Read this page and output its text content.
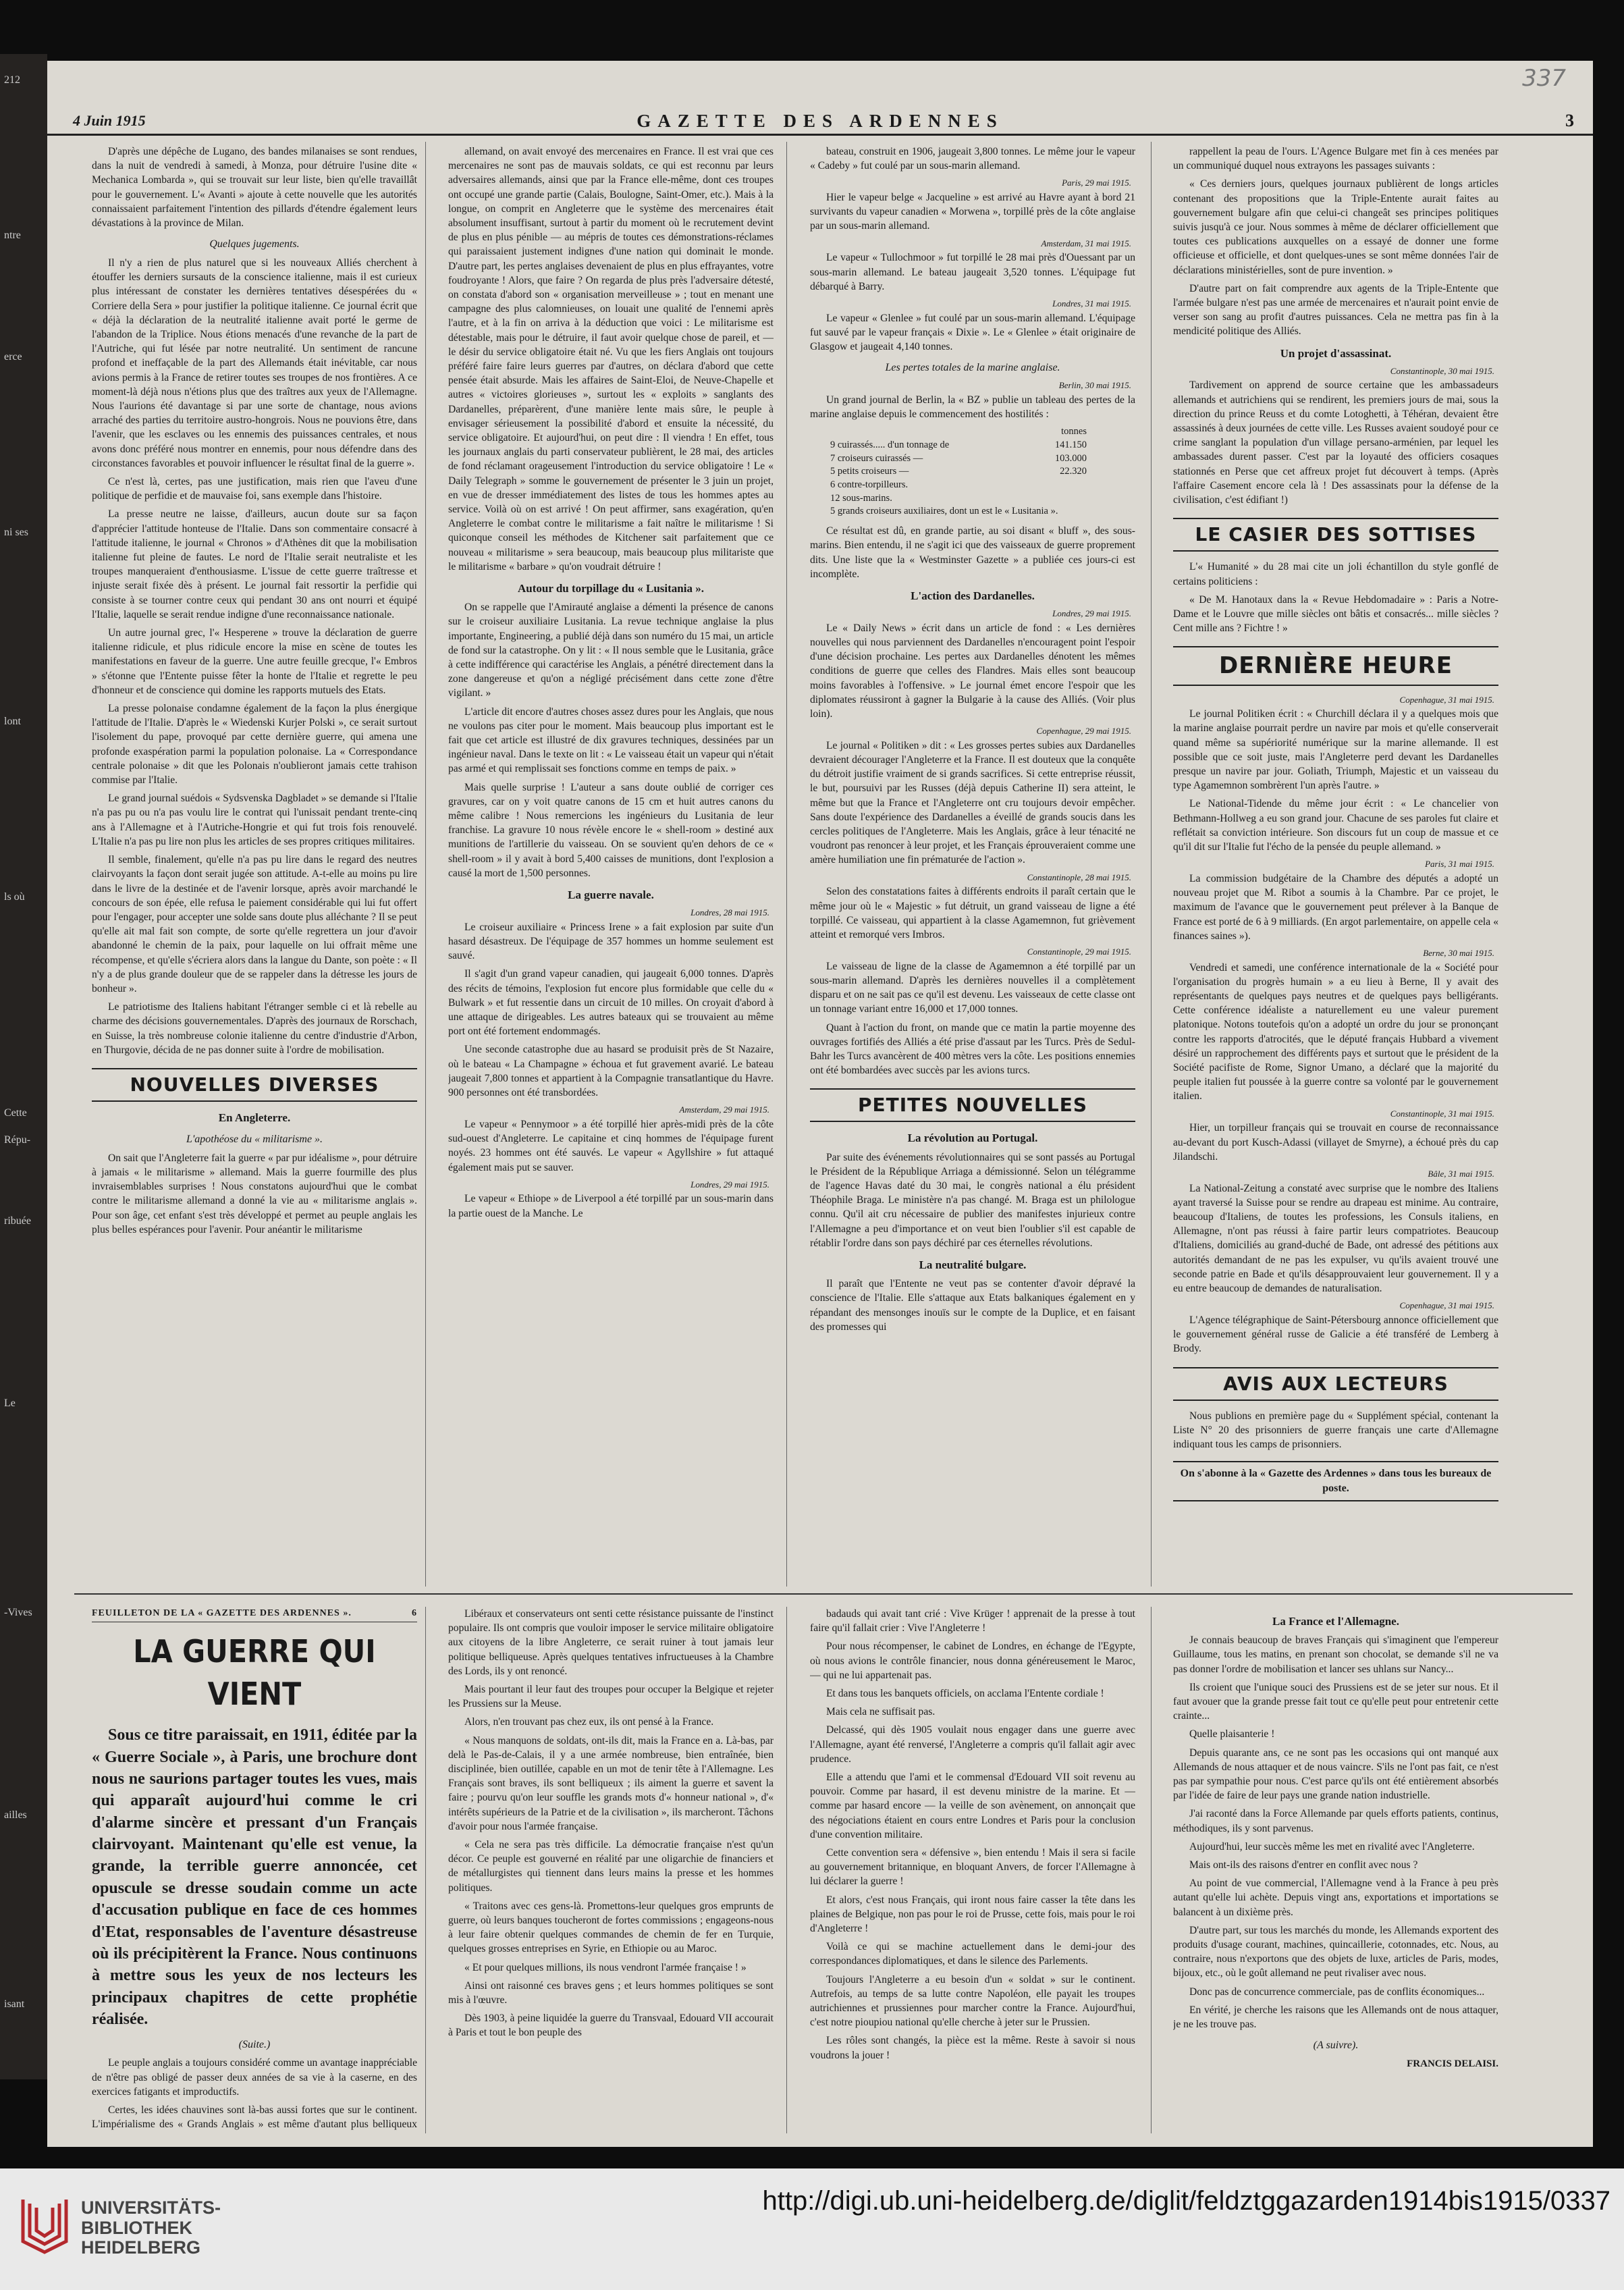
337
4 Juin 1915	GAZETTE DES ARDENNES	3

D'après une dépêche de Lugano, des bandes milanaises se sont rendues, dans la nuit de vendredi à samedi, à Monza, pour détruire l'usine dite « Mechanica Lombarda », qui se trouvait sur leur liste, bien qu'elle travaillât pour le gouvernement. L'« Avanti » ajoute à cette nouvelle que les autorités connaissaient parfaitement l'intention des pillards d'étendre également leurs dévastations à la province de Milan.

Quelques jugements.

Il n'y a rien de plus naturel que si les nouveaux Alliés cherchent à étouffer les derniers sursauts de la conscience italienne, mais il est curieux plus intéressant de constater les dernières tentatives désespérées du « Corriere della Sera » pour justifier la politique italienne. Ce journal écrit que « déjà la déclaration de la neutralité italienne avait porté le germe de l'abandon de la Triplice. Nous étions menacés d'une revanche de la part de l'Autriche, qui fut lésée par notre neutralité. Un sentiment de rancune profond et ineffaçable de la part des Allemands était inévitable, car nous avions permis à la France de retirer toutes ses troupes de nos frontières. A ce moment-là déjà nous n'étions plus que des traîtres aux yeux de l'Allemagne. Nous l'aurions été davantage si par une sorte de chantage, nous avions arraché des parties du territoire austro-hongrois. Nous ne pouvions être, dans l'avenir, que les esclaves ou les ennemis des puissances centrales, et nous avons donc préféré nous montrer en ennemis, pour nous défendre dans des circonstances favorables et pouvoir influencer le résultat final de la guerre ».

Ce n'est là, certes, pas une justification, mais rien que l'aveu d'une politique de perfidie et de mauvaise foi, sans exemple dans l'histoire.

La presse neutre ne laisse, d'ailleurs, aucun doute sur sa façon d'apprécier l'attitude honteuse de l'Italie. Dans son commentaire consacré à l'attitude italienne, le journal « Chronos » d'Athènes dit que la mobilisation italienne fut pleine de fautes. Le nord de l'Italie serait neutraliste et les troupes manqueraient d'enthousiasme. L'issue de cette guerre traîtresse et injuste serait fixée dès à présent. Le journal fait ressortir la perfidie qui consiste à se tourner contre ceux qui pendant 30 ans ont nourri et équipé l'Italie, laquelle se serait rendue indigne d'une reconnaissance nationale.

Un autre journal grec, l'« Hesperene » trouve la déclaration de guerre italienne ridicule, et plus ridicule encore la mise en scène de toutes les manifestations en faveur de la guerre. Une autre feuille grecque, l'« Embros » s'étonne que l'Entente puisse fêter la honte de l'Italie et regrette le peu d'honneur et de conscience qui domine les rapports mutuels des Etats.

La presse polonaise condamne également de la façon la plus énergique l'attitude de l'Italie. D'après le « Wiedenski Kurjer Polski », ce serait surtout l'isolement du pape, provoqué par cette dernière guerre, qui amena une profonde exaspération parmi la population polonaise. La « Correspondance centrale polonaise » dit que les Polonais n'oublieront jamais cette trahison commise par l'Italie.

Le grand journal suédois « Sydsvenska Dagbladet » se demande si l'Italie n'a pas pu ou n'a pas voulu lire le contrat qui l'unissait pendant trente-cinq ans à l'Allemagne et à l'Autriche-Hongrie et qui fut trois fois renouvelé. L'Italie n'a pas pu lire non plus les articles de ses propres critiques militaires.

Il semble, finalement, qu'elle n'a pas pu lire dans le regard des neutres clairvoyants la façon dont serait jugée son attitude. A-t-elle au moins pu lire dans le livre de la destinée et de l'avenir lorsque, après avoir marchandé le concours de son épée, elle refusa le paiement considérable qui lui fut offert pour l'engager, pour accepter une solde sans doute plus alléchante ? Il se peut qu'elle ait mal fait son compte, de sorte qu'elle regrettera un jour d'avoir abandonné le chemin de la paix, pour laquelle on lui offrait même une récompense, et qu'elle s'écriera alors dans la langue du Dante, son poète : « Il n'y a de plus grande douleur que de se rappeler dans la détresse les jours de bonheur ».

Le patriotisme des Italiens habitant l'étranger semble ci et là rebelle au charme des décisions gouvernementales. D'après des journaux de Rorschach, en Suisse, la très nombreuse colonie italienne du centre d'industrie d'Arbon, en Thurgovie, décida de ne pas donner suite à l'ordre de mobilisation.

NOUVELLES DIVERSES
En Angleterre.
L'apothéose du « militarisme ».

On sait que l'Angleterre fait la guerre « par pur idéalisme », pour détruire à jamais « le militarisme » allemand. Mais la guerre fourmille des plus invraisemblables surprises ! Nous constatons aujourd'hui que le combat contre le militarisme allemand a donné la vie au « militarisme anglais ». Pour son âge, cet enfant s'est très développé et permet au peuple anglais les plus belles espérances pour l'avenir. Pour anéantir le militarisme

allemand, on avait envoyé des mercenaires en France. Il est vrai que ces mercenaires ne sont pas de mauvais soldats, ce qui est reconnu par leurs adversaires allemands, ainsi que par la France elle-même, dont ces troupes ont occupé une grande partie (Calais, Boulogne, Saint-Omer, etc.). Mais à la longue, on comprit en Angleterre que le système des mercenaires était absolument insuffisant, surtout à partir du moment où le recrutement devint de plus en plus pénible — au mépris de toutes ces démonstrations-réclames qui paraissaient justement indignes d'une nation qui dominait le monde. D'autre part, les pertes anglaises devenaient de plus en plus effrayantes, votre foudroyante ! Alors, que faire ? On regarda de plus près l'adversaire détesté, on constata d'abord son « organisation merveilleuse » ; tout en menant une campagne des plus calomnieuses, on louait une qualité de l'ennemi après l'autre, et à la fin on arriva à la déduction que voici : Le militarisme est détestable, mais pour le détruire, il faut avoir quelque chose de pareil, et — le désir du service obligatoire était né. Vu que les fiers Anglais ont toujours préféré faire faire leurs guerres par d'autres, on déclara d'abord que cette pensée était absurde. Mais les affaires de Saint-Eloi, de Neuve-Chapelle et autres « victoires glorieuses », surtout les « exploits » sanglants des Dardanelles, préparèrent, d'une manière lente mais sûre, le peuple à envisager sérieusement la possibilité d'abord et ensuite la nécessité, du service obligatoire. Et aujourd'hui, on peut dire : Il viendra ! En effet, tous les journaux anglais du parti conservateur publièrent, le 28 mai, des articles de fond réclamant orageusement l'introduction du service obligatoire ! Le « Daily Telegraph » somme le gouvernement de présenter le 3 juin un projet, en vue de dresser immédiatement des listes de tous les hommes aptes au service. Voilà où on est arrivé ! On peut affirmer, sans exagération, qu'en Angleterre le combat contre le militarisme a fait naître le militarisme ! Si quiconque conseil les méthodes de Kitchener sait parfaitement que ce nouveau « militarisme » sera beaucoup, mais beaucoup plus militariste que le militarisme « barbare » qu'on voudrait détruire !

Autour du torpillage du « Lusitania ».

On se rappelle que l'Amirauté anglaise a démenti la présence de canons sur le croiseur auxiliaire Lusitania. La revue technique anglaise la plus importante, Engineering, a publié déjà dans son numéro du 15 mai, un article de fond sur la catastrophe. On y lit : « Il nous semble que le Lusitania, grâce à cette indifférence qui caractérise les Anglais, a pénétré directement dans la zone dangereuse et qu'on a négligé précisément dans cette zone d'être vigilant. »

L'article dit encore d'autres choses assez dures pour les Anglais, que nous ne voulons pas citer pour le moment. Mais beaucoup plus important est le fait que cet article est illustré de dix gravures techniques, dessinées par un ingénieur naval. Dans le texte on lit : « Le vaisseau était un vapeur qui n'était pas armé et qui remplissait ses fonctions comme en temps de paix. »

Mais quelle surprise ! L'auteur a sans doute oublié de corriger ces gravures, car on y voit quatre canons de 15 cm et huit autres canons du même calibre ! Nous remercions les ingénieurs du Lusitania de leur franchise. La gravure 10 nous révèle encore le « shell-room » destiné aux munitions de l'artillerie du vaisseau. On se souvient qu'en dehors de ce « shell-room » il y avait à bord 5,400 caisses de munitions, dont l'explosion a causé la mort de 1,500 personnes.

La guerre navale.

Londres, 28 mai 1915.

Le croiseur auxiliaire « Princess Irene » a fait explosion par suite d'un hasard désastreux. De l'équipage de 357 hommes un homme seulement est sauvé.

Il s'agit d'un grand vapeur canadien, qui jaugeait 6,000 tonnes. D'après des récits de témoins, l'explosion fut encore plus formidable que celle du « Bulwark » et fut ressentie dans un circuit de 10 milles. On croyait d'abord à une attaque de dirigeables. Les autres bateaux qui se trouvaient au même port ont été fortement endommagés.

Une seconde catastrophe due au hasard se produisit près de St Nazaire, où le bateau « La Champagne » échoua et fut gravement avarié. Le bateau jaugeait 7,800 tonnes et appartient à la Compagnie transatlantique du Havre. 900 personnes ont été transbordées.

Amsterdam, 29 mai 1915.

Le vapeur « Pennymoor » a été torpillé hier après-midi près de la côte sud-ouest d'Angleterre. Le capitaine et cinq hommes de l'équipage furent noyés. 23 hommes ont été sauvés. Le vapeur « Agyllshire » fut attaqué également mais put se sauver.

Londres, 29 mai 1915.

Le vapeur « Ethiope » de Liverpool a été torpillé par un sous-marin dans la partie ouest de la Manche. Le

bateau, construit en 1906, jaugeait 3,800 tonnes. Le même jour le vapeur « Cadeby » fut coulé par un sous-marin allemand.

Paris, 29 mai 1915.

Hier le vapeur belge « Jacqueline » est arrivé au Havre ayant à bord 21 survivants du vapeur canadien « Morwena », torpillé près de la côte anglaise par un sous-marin allemand.

Amsterdam, 31 mai 1915.

Le vapeur « Tullochmoor » fut torpillé le 28 mai près d'Ouessant par un sous-marin allemand. Le bateau jaugeait 3,520 tonnes. L'équipage fut débarqué à Barry.

Londres, 31 mai 1915.

Le vapeur « Glenlee » fut coulé par un sous-marin allemand. L'équipage fut sauvé par le vapeur français « Dixie ». Le « Glenlee » était originaire de Glasgow et jaugeait 4,140 tonnes.

Les pertes totales de la marine anglaise.

Berlin, 30 mai 1915.

Un grand journal de Berlin, la « BZ » publie un tableau des pertes de la marine anglaise depuis le commencement des hostilités :

tonnes
9 cuirassés..... d'un tonnage de	141.150
7 croiseurs cuirassés —	103.000
5 petits croiseurs —	22.320
6 contre-torpilleurs.
12 sous-marins.
5 grands croiseurs auxiliaires, dont un est le « Lusitania ».

Ce résultat est dû, en grande partie, au soi disant « bluff », des sous-marins. Bien entendu, il ne s'agit ici que des vaisseaux de guerre proprement dits. Une liste que la « Westminster Gazette » a publiée ces jours-ci est incomplète.

L'action des Dardanelles.

Londres, 29 mai 1915.

Le « Daily News » écrit dans un article de fond : « Les dernières nouvelles qui nous parviennent des Dardanelles n'encouragent point l'espoir d'une décision prochaine. Les pertes aux Dardanelles dénotent les mêmes conditions de guerre que celles des Flandres. Mais elles sont beaucoup moins favorables à l'offensive. » Le journal émet encore l'espoir que les diplomates réussiront à gagner la Bulgarie à la cause des Alliés. (Voir plus loin).

Copenhague, 29 mai 1915.

Le journal « Politiken » dit : « Les grosses pertes subies aux Dardanelles devraient décourager l'Angleterre et la France. Il est douteux que la conquête du détroit justifie vraiment de si grands sacrifices. Si cette entreprise réussit, le but, poursuivi par les Russes (déjà depuis Catherine II) sera atteint, le même but que la France et l'Angleterre ont cru toujours devoir empêcher. Sans doute l'expérience des Dardanelles a éveillé de grands soucis dans les cercles politiques de l'Angleterre. Mais les Anglais, grâce à leur ténacité ne voudront pas renoncer à leur projet, et les Français éprouveraient comme une amère humiliation une fin prématurée de l'action ».

Constantinople, 28 mai 1915.

Selon des constatations faites à différents endroits il paraît certain que le même jour où le « Majestic » fut détruit, un grand vaisseau de ligne a été torpillé. Ce vaisseau, qui appartient à la classe Agamemnon, fut grièvement atteint et remorqué vers Imbros.

Constantinople, 29 mai 1915.

Le vaisseau de ligne de la classe de Agamemnon a été torpillé par un sous-marin allemand. D'après les dernières nouvelles il a complètement disparu et on ne sait pas ce qu'il est devenu. Les vaisseaux de cette classe ont un tonnage variant entre 16,000 et 17,000 tonnes.

Quant à l'action du front, on mande que ce matin la partie moyenne des ouvrages fortifiés des Alliés a été prise d'assaut par les Turcs. Près de Sedul-Bahr les Turcs avancèrent de 400 mètres vers la côte. Les positions ennemies ont été bombardées avec succès par les avions turcs.

PETITES NOUVELLES
La révolution au Portugal.

Par suite des événements révolutionnaires qui se sont passés au Portugal le Président de la République Arriaga a démissionné. Selon un télégramme de l'agence Havas daté du 30 mai, le congrès national a élu président Théophile Braga. Le ministère n'a pas changé. M. Braga est un philologue connu. Qu'il ait cru nécessaire de publier des manifestes injurieux contre l'Allemagne a peu d'importance et on veut bien l'oublier s'il est capable de rétablir l'ordre dans son pays déchiré par ces éternelles révolutions.

La neutralité bulgare.

Il paraît que l'Entente ne veut pas se contenter d'avoir dépravé la conscience de l'Italie. Elle s'attaque aux Etats balkaniques également en y répandant des mensonges inouïs sur le compte de la Duplice, et en faisant des promesses qui

rappellent la peau de l'ours. L'Agence Bulgare met fin à ces menées par un communiqué duquel nous extrayons les passages suivants :

« Ces derniers jours, quelques journaux publièrent de longs articles contenant des propositions que la Triple-Entente aurait faites au gouvernement bulgare afin que celui-ci changeât ses principes politiques suivis jusqu'à ce jour. Nous sommes à même de déclarer officiellement que toutes ces publications auxquelles on a essayé de donner une forme officieuse et officielle, et dont quelques-unes se sont même données l'air de déclarations ministérielles, sont de pure invention. »

D'autre part on fait comprendre aux agents de la Triple-Entente que l'armée bulgare n'est pas une armée de mercenaires et n'aurait point envie de verser son sang au profit d'autres puissances. Cela ne mettra pas fin à la mendicité politique des Alliés.

Un projet d'assassinat.

Constantinople, 30 mai 1915.

Tardivement on apprend de source certaine que les ambassadeurs allemands et autrichiens qui se rendirent, les premiers jours de mai, sous la direction du prince Reuss et du comte Lotoghetti, à Téhéran, devaient être assassinés à deux journées de cette ville. Les Russes avaient soudoyé pour ce crime sanglant la population d'un village persano-arménien, par lequel les ambassades durent passer. C'est par la loyauté des officiers cosaques stationnés en Perse que cet affreux projet fut découvert à temps. (Après l'affaire Casement encore cela là ! Des assassinats pour la défense de la civilisation, c'est édifiant !)

LE CASIER DES SOTTISES

L'« Humanité » du 28 mai cite un joli échantillon du style gonflé de certains politiciens :

« De M. Hanotaux dans la « Revue Hebdomadaire » : Paris a Notre-Dame et le Louvre que mille siècles ont bâtis et consacrés... mille siècles ? Cent mille ans ? Fichtre ! »

DERNIÈRE HEURE

Copenhague, 31 mai 1915.

Le journal Politiken écrit : « Churchill déclara il y a quelques mois que la marine anglaise pourrait perdre un navire par mois et qu'elle conserverait quand même sa supériorité numérique sur la marine allemande. Il est possible que ce soit juste, mais l'Angleterre perd devant les Dardanelles presque un navire par jour. Goliath, Triumph, Majestic et un vaisseau du type Agamemnon sombrèrent l'un après l'autre. »

Le National-Tidende du même jour écrit : « Le chancelier von Bethmann-Hollweg a eu son grand jour. Chacune de ses paroles fut claire et reflétait sa conviction intérieure. Son discours fut un coup de massue et ce qu'il dit sur l'Italie fut l'écho de la pensée du peuple allemand. »

Paris, 31 mai 1915.

La commission budgétaire de la Chambre des députés a adopté un nouveau projet que M. Ribot a soumis à la Chambre. Par ce projet, le maximum de l'avance que le gouvernement peut prélever à la Banque de France est porté de 6 à 9 milliards. (En argot parlementaire, on appelle cela « finances saines »).

Berne, 30 mai 1915.

Vendredi et samedi, une conférence internationale de la « Société pour l'organisation du progrès humain » a eu lieu à Berne, Il y avait des représentants de quelques pays neutres et de quelques pays belligérants. Cette conférence idéaliste a naturellement eu une valeur purement platonique. Notons toutefois qu'on a adopté un ordre du jour se prononçant contre les rapports d'atrocités, que le député français Hubbard a vivement désiré un rapprochement des différents pays et surtout que le président de la Société pacifiste de Rome, Signor Umano, a déclaré que la majorité du peuple italien fut poussée à la guerre contre sa volonté par le gouvernement italien.

Constantinople, 31 mai 1915.

Hier, un torpilleur français qui se trouvait en course de reconnaissance au-devant du port Kusch-Adassi (villayet de Smyrne), a échoué près du cap Jilandschi.

Bâle, 31 mai 1915.

La National-Zeitung a constaté avec surprise que le nombre des Italiens ayant traversé la Suisse pour se rendre au drapeau est minime. Au contraire, beaucoup d'Italiens, de toutes les professions, les Consuls italiens, en Allemagne, n'ont pas réussi à faire partir leurs compatriotes. Beaucoup d'Italiens, domiciliés au grand-duché de Bade, ont adressé des pétitions aux autorités demandant de ne pas les expulser, vu qu'ils avaient trouvé une seconde patrie en Bade et qu'ils désapprouvaient leur gouvernement. Il y a eu entre beaucoup de demandes de naturalisation.

Copenhague, 31 mai 1915.

L'Agence télégraphique de Saint-Pétersbourg annonce officiellement que le gouvernement général russe de Galicie a été transféré de Lemberg à Brody.

AVIS AUX LECTEURS

Nous publions en première page du « Supplément spécial, contenant la Liste N° 20 des prisonniers de guerre français une carte d'Allemagne indiquant tous les camps de prisonniers.

On s'abonne à la « Gazette des Ardennes » dans tous les bureaux de poste.
FEUILLETON DE LA « GAZETTE DES ARDENNES ».	6
LA GUERRE QUI VIENT

Sous ce titre paraissait, en 1911, éditée par la « Guerre Sociale », à Paris, une brochure dont nous ne saurions partager toutes les vues, mais qui apparaît aujourd'hui comme le cri d'alarme sincère et pressant d'un Français clairvoyant. Maintenant qu'elle est venue, la grande, la terrible guerre annoncée, cet opuscule se dresse soudain comme un acte d'accusation publique en face de ces hommes d'Etat, responsables de l'aventure désastreuse où ils précipitèrent la France. Nous continuons à mettre sous les yeux de nos lecteurs les principaux chapitres de cette prophétie réalisée.

(Suite.)

Le peuple anglais a toujours considéré comme un avantage inappréciable de n'être pas obligé de passer deux années de sa vie à la caserne, en des exercices fatigants et improductifs.

Certes, les idées chauvines sont là-bas aussi fortes que sur le continent. L'impérialisme des « Grands Anglais » est même d'autant plus belliqueux

Libéraux et conservateurs ont senti cette résistance puissante de l'instinct populaire. Ils ont compris que vouloir imposer le service militaire obligatoire aux citoyens de la libre Angleterre, ce serait ruiner à tout jamais leur politique belliqueuse. Après quelques tentatives infructueuses à la Chambre des Lords, ils y ont renoncé.

Mais pourtant il leur faut des troupes pour occuper la Belgique et rejeter les Prussiens sur la Meuse.

Alors, n'en trouvant pas chez eux, ils ont pensé à la France.

« Nous manquons de soldats, ont-ils dit, mais la France en a. Là-bas, par delà le Pas-de-Calais, il y a une armée nombreuse, bien entraînée, bien disciplinée, bien outillée, capable en un mot de tenir tête à l'Allemagne. Les Français sont braves, ils sont belliqueux ; ils aiment la guerre et savent la faire ; pourvu qu'on leur souffle les grands mots d'« honneur national », d'« intérêts supérieurs de la Patrie et de la civilisation », ils marcheront. Tâchons d'avoir pour nous l'armée française.

« Cela ne sera pas très difficile. La démocratie française n'est qu'un décor. Ce peuple est gouverné en réalité par une oligarchie de financiers et de métallurgistes qui tiennent dans leurs mains la presse et les hommes politiques.

« Traitons avec ces gens-là. Promettons-leur quelques gros emprunts de guerre, où leurs banques toucheront de fortes commissions ; engageons-nous à leur faire obtenir quelques commandes de chemin de fer en Turquie, quelques grosses entreprises en Syrie, en Ethiopie ou au Maroc.

« Et pour quelques millions, ils nous vendront l'armée française ! »

Ainsi ont raisonné ces braves gens ; et leurs hommes politiques se sont mis à l'œuvre.

Dès 1903, à peine liquidée la guerre du Transvaal, Edouard VII accourait à Paris et tout le bon peuple des

badauds qui avait tant crié : Vive Krüger ! apprenait de la presse à tout faire qu'il fallait crier : Vive l'Angleterre !

Pour nous récompenser, le cabinet de Londres, en échange de l'Egypte, où nous avions le contrôle financier, nous donna généreusement le Maroc, — qui ne lui appartenait pas.

Et dans tous les banquets officiels, on acclama l'Entente cordiale !

Mais cela ne suffisait pas.

Delcassé, qui dès 1905 voulait nous engager dans une guerre avec l'Allemagne, ayant été renversé, l'Angleterre a compris qu'il fallait agir avec prudence.

Elle a attendu que l'ami et le commensal d'Edouard VII soit revenu au pouvoir. Comme par hasard, il est devenu ministre de la marine. Et — comme par hasard encore — la veille de son avènement, on annonçait que des négociations étaient en cours entre Londres et Paris pour la conclusion d'une convention militaire.

Cette convention sera « défensive », bien entendu ! Mais il sera si facile au gouvernement britannique, en bloquant Anvers, de forcer l'Allemagne à lui déclarer la guerre !

Et alors, c'est nous Français, qui iront nous faire casser la tête dans les plaines de Belgique, non pas pour le roi de Prusse, cette fois, mais pour le roi d'Angleterre !

Voilà ce qui se machine actuellement dans le demi-jour des correspondances diplomatiques, et dans le silence des Parlements.

Toujours l'Angleterre a eu besoin d'un « soldat » sur le continent. Autrefois, au temps de sa lutte contre Napoléon, elle payait les troupes autrichiennes et prussiennes pour marcher contre la France. Aujourd'hui, c'est notre pioupiou national qu'elle cherche à jeter sur le Prussien.

Les rôles sont changés, la pièce est la même. Reste à savoir si nous voudrons la jouer !

La France et l'Allemagne.

Je connais beaucoup de braves Français qui s'imaginent que l'empereur Guillaume, tous les matins, en prenant son chocolat, se demande s'il ne va pas donner l'ordre de mobilisation et lancer ses uhlans sur Nancy...

Ils croient que l'unique souci des Prussiens est de se jeter sur nous. Et il faut avouer que la grande presse fait tout ce qu'elle peut pour entretenir cette crainte...

Quelle plaisanterie !

Depuis quarante ans, ce ne sont pas les occasions qui ont manqué aux Allemands de nous attaquer et de nous vaincre. S'ils ne l'ont pas fait, ce n'est pas par sympathie pour nous. C'est parce qu'ils ont été entièrement absorbés par l'idée de faire de leur pays une grande nation industrielle.

J'ai raconté dans la Force Allemande par quels efforts patients, continus, méthodiques, ils y sont parvenus.

Aujourd'hui, leur succès même les met en rivalité avec l'Angleterre.

Mais ont-ils des raisons d'entrer en conflit avec nous ?

Au point de vue commercial, l'Allemagne vend à la France à peu près autant qu'elle lui achète. Depuis vingt ans, exportations et importations se balancent à un dixième près.

D'autre part, sur tous les marchés du monde, les Allemands exportent des produits d'usage courant, machines, quincaillerie, cotonnades, etc. Nous, au contraire, nous n'exportons que des objets de luxe, articles de Paris, modes, bijoux, etc., où le goût allemand ne peut rivaliser avec nous.

Donc pas de concurrence commerciale, pas de conflits économiques...

En vérité, je cherche les raisons que les Allemands ont de nous attaquer, je ne les trouve pas.

(A suivre).
FRANCIS DELAISI.
212
ntre
erce
ni ses
lont
ls où
Cette
Répu-
ribuée
Le
-Vives
ailles
isant
UNIVERSITÄTS-
BIBLIOTHEK
HEIDELBERG
http://digi.ub.uni-heidelberg.de/diglit/feldztggazarden1914bis1915/0337
